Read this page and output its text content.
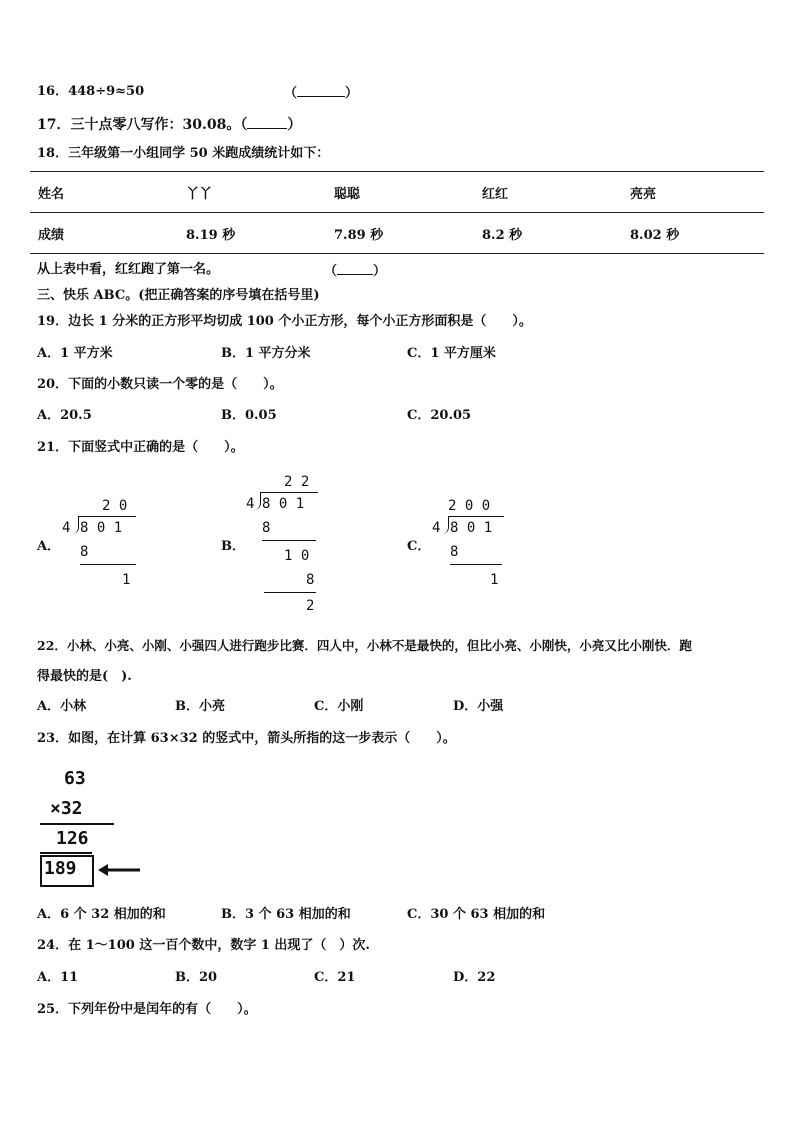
16．448÷9≈50	（	）
17．三十点零八写作：30.08。（	）
18．三年级第一小组同学 50 米跑成绩统计如下：
姓名	丫丫	聪聪	红红	亮亮
成绩	8.19 秒	7.89 秒	8.2 秒	8.02 秒
从上表中看，红红跑了第一名。	（	）
三、快乐 ABC。(把正确答案的序号填在括号里)
19．边长 1 分米的正方形平均切成 100 个小正方形，每个小正方形面积是（　　）。
A．1 平方米	B．1 平方分米	C．1 平方厘米
20．下面的小数只读一个零的是（　　）。
A．20.5	B．0.05	C．20.05
21．下面竖式中正确的是（　　）。
A．
2 0
4 8 0 1
8
1
B．
2 2
4 8 0 1
8
1 0
8
2
C．
2 0 0
4 8 0 1
8
1
22．小林、小亮、小刚、小强四人进行跑步比赛．四人中，小林不是最快的，但比小亮、小刚快，小亮又比小刚快．跑
得最快的是(　).
A．小林	B．小亮	C．小刚	D．小强
23．如图，在计算 63×32 的竖式中，箭头所指的这一步表示（　　）。
63
×32
126
189
A．6 个 32 相加的和	B．3 个 63 相加的和	C．30 个 63 相加的和
24．在 1～100 这一百个数中，数字 1 出现了（　）次.
A．11	B．20	C．21	D．22
25．下列年份中是闰年的有（　　）。
